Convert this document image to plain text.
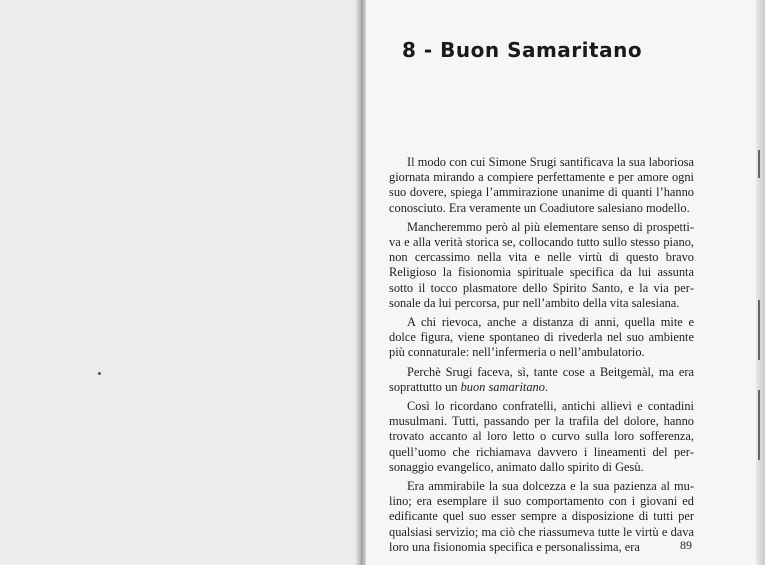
8 - Buon Samaritano

Il modo con cui Simone Srugi santificava la sua laboriosa giornata mirando a compiere perfettamente e per amore ogni suo dovere, spiega l’ammirazione unanime di quanti l’hanno conosciuto. Era veramente un Coadiutore salesiano modello.

Mancheremmo però al più elementare senso di prospettiva e alla verità storica se, collocando tutto sullo stesso piano, non cercassimo nella vita e nelle virtù di questo bravo Religioso la fisionomia spirituale specifica da lui assunta sotto il tocco plasmatore dello Spirito Santo, e la via personale da lui percorsa, pur nell’ambito della vita salesiana.

A chi rievoca, anche a distanza di anni, quella mite e dolce figura, viene spontaneo di rivederla nel suo ambiente più connaturale: nell’infermeria o nell’ambulatorio.

Perchè Srugi faceva, sì, tante cose a Beitgemàl, ma era soprattutto un buon samaritano.

Così lo ricordano confratelli, antichi allievi e contadini musulmani. Tutti, passando per la trafila del dolore, hanno trovato accanto al loro letto o curvo sulla loro sofferenza, quell’uomo che richiamava davvero i lineamenti del personaggio evangelico, animato dallo spirito di Gesù.

Era ammirabile la sua dolcezza e la sua pazienza al mulino; era esemplare il suo comportamento con i giovani ed edificante quel suo esser sempre a disposizione di tutti per qualsiasi servizio; ma ciò che riassumeva tutte le virtù e dava loro una fisionomia specifica e personalissima, era	89
